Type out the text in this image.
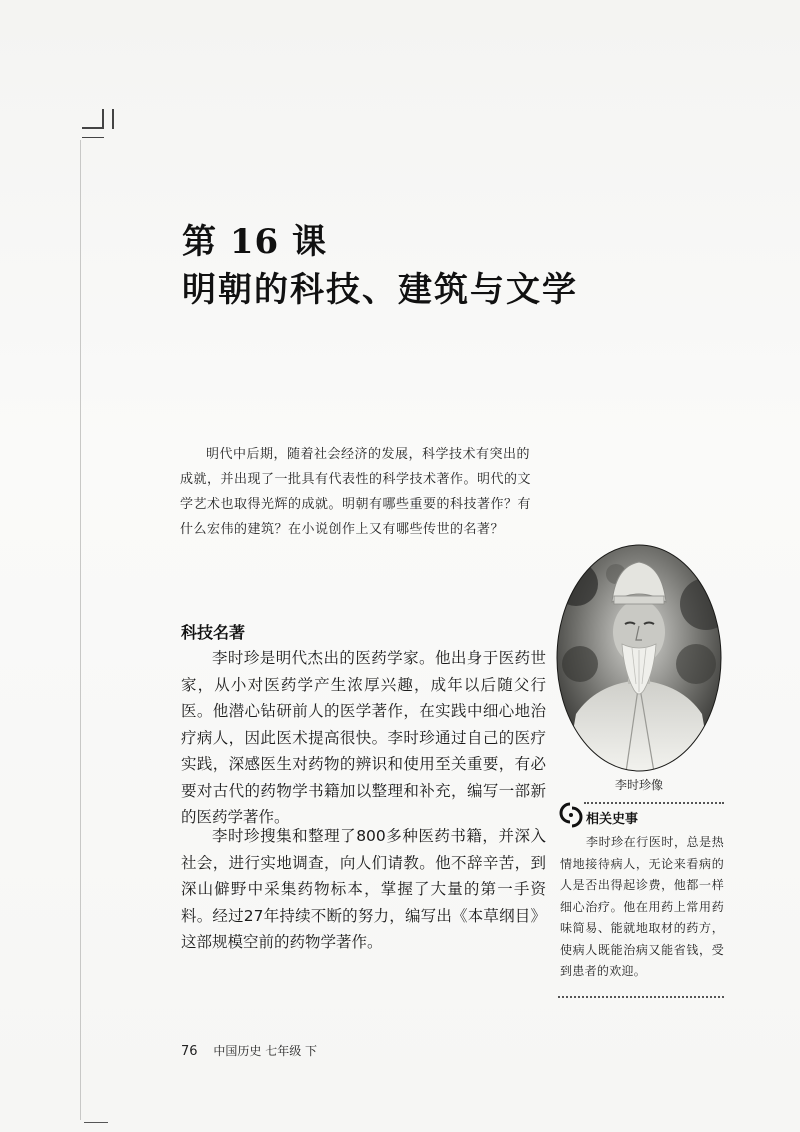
第 16 课
明朝的科技、建筑与文学
明代中后期，随着社会经济的发展，科学技术有突出的成就，并出现了一批具有代表性的科学技术著作。明代的文学艺术也取得光辉的成就。明朝有哪些重要的科技著作？有什么宏伟的建筑？在小说创作上又有哪些传世的名著？
科技名著
李时珍是明代杰出的医药学家。他出身于医药世家，从小对医药学产生浓厚兴趣，成年以后随父行医。他潜心钻研前人的医学著作，在实践中细心地治疗病人，因此医术提高很快。李时珍通过自己的医疗实践，深感医生对药物的辨识和使用至关重要，有必要对古代的药物学书籍加以整理和补充，编写一部新的医药学著作。
李时珍搜集和整理了800多种医药书籍，并深入社会，进行实地调查，向人们请教。他不辞辛苦，到深山僻野中采集药物标本，掌握了大量的第一手资料。经过27年持续不断的努力，编写出《本草纲目》这部规模空前的药物学著作。
李时珍像
相关史事
李时珍在行医时，总是热情地接待病人，无论来看病的人是否出得起诊费，他都一样细心治疗。他在用药上常用药味简易、能就地取材的药方，使病人既能治病又能省钱，受到患者的欢迎。
76 中国历史 七年级 下
